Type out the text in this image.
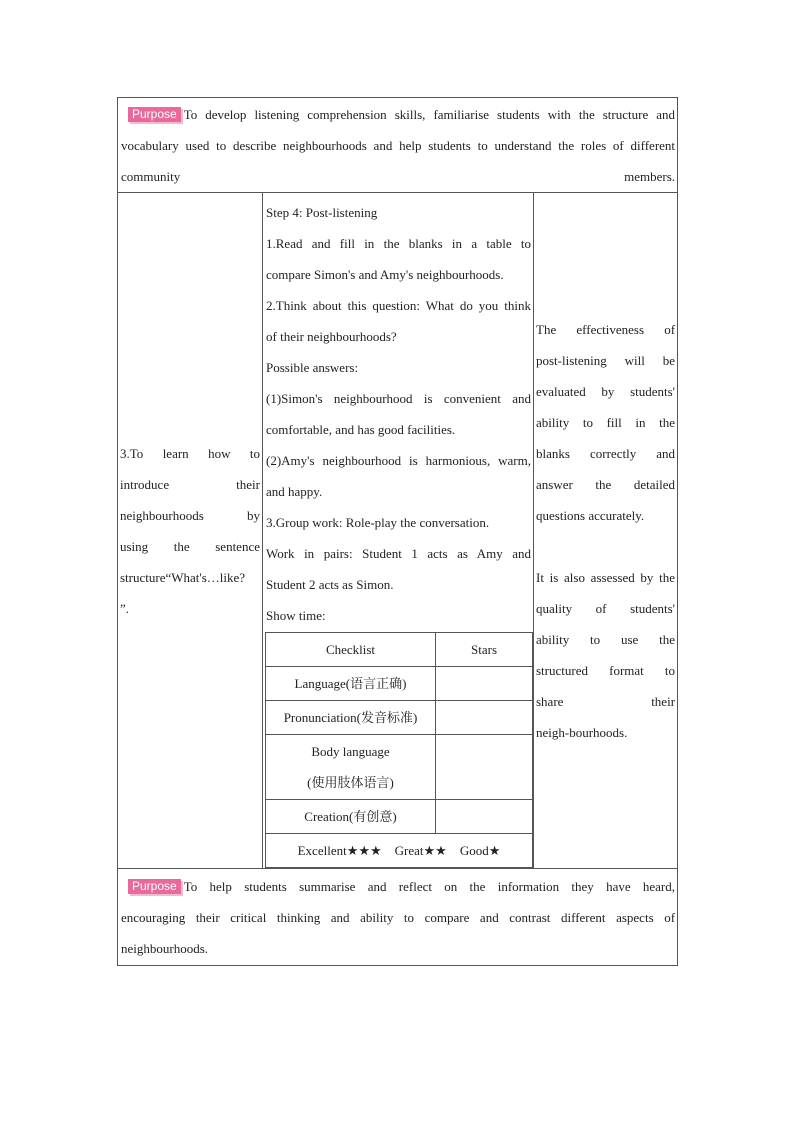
Purpose To develop listening comprehension skills, familiarise students with the structure and
vocabulary used to describe neighbourhoods and help students to understand the roles of different
community members.

3.To learn how to
introduce their
neighbourhoods by
using the sentence
structure“What's…like?
”.

Step 4: Post-listening

1.Read and fill in the blanks in a table to
compare Simon's and Amy's neighbourhoods.
2.Think about this question: What do you think
of their neighbourhoods?
Possible answers:
(1)Simon's neighbourhood is convenient and
comfortable, and has good facilities.
(2)Amy's neighbourhood is harmonious, warm,
and happy.
3.Group work: Role-play the conversation.
Work in pairs: Student 1 acts as Amy and
Student 2 acts as Simon.
Show time:
Checklist	Stars
Language(语言正确)	
Pronunciation(发音标准)	

Body language
(使用肢体语言)

Creation(有创意)	
Excellent★★★    Great★★    Good★

The effectiveness of
post-listening will be
evaluated by students'
ability to fill in the
blanks correctly and
answer the detailed
questions accurately.
It is also assessed by the
quality of students'
ability to use the
structured format to
share their
neigh-bourhoods.

Purpose To help students summarise and reflect on the information they have heard,
encouraging their critical thinking and ability to compare and contrast different aspects of
neighbourhoods.
